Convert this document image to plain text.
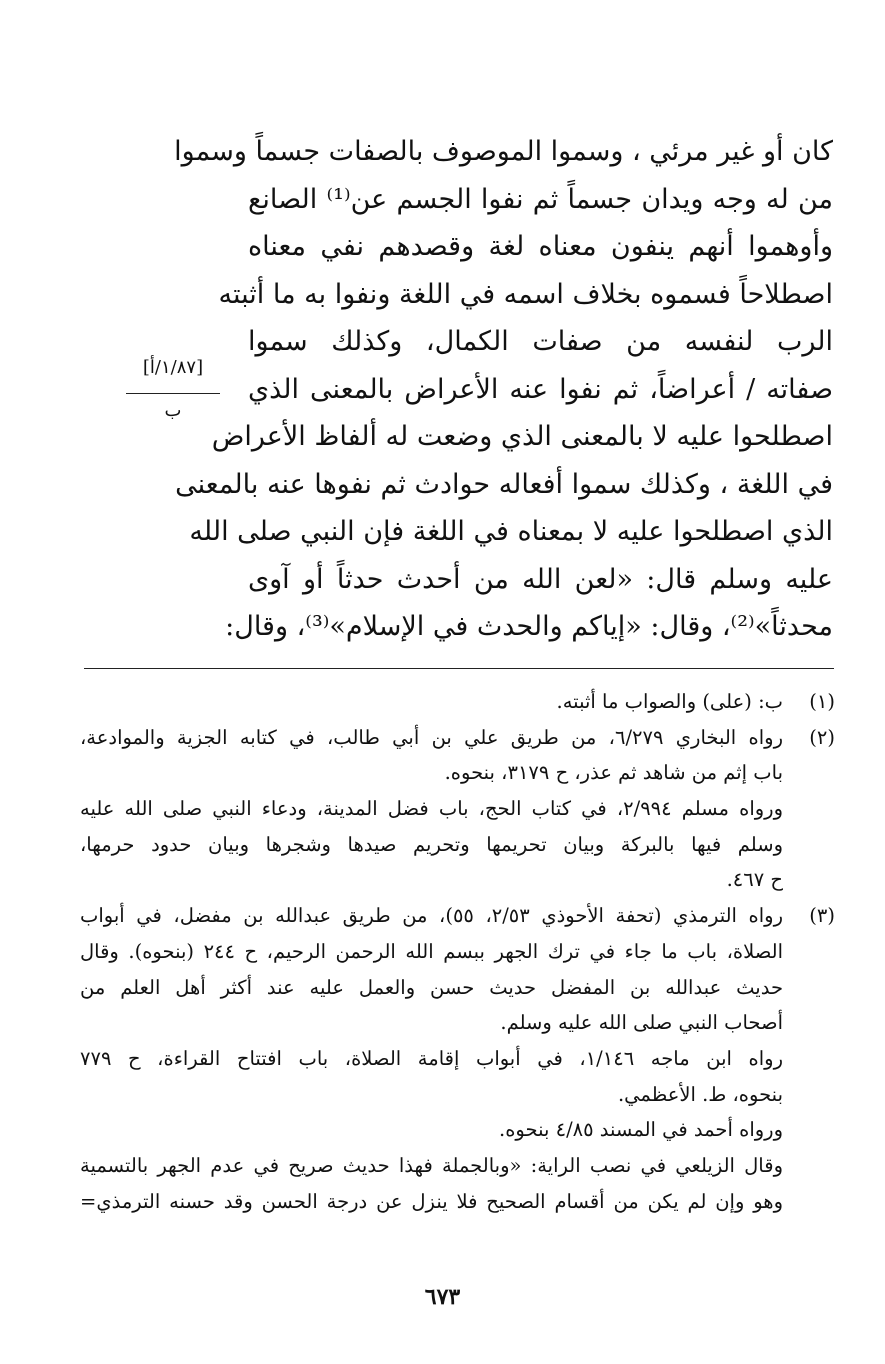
كان أو غير مرئي ، وسموا الموصوف بالصفات جسماً وسموا
من له وجه ويدان جسماً ثم نفوا الجسم عن⁽¹⁾ الصانع
وأوهموا أنهم ينفون معناه لغة وقصدهم نفي معناه
اصطلاحاً فسموه بخلاف اسمه في اللغة ونفوا به ما أثبته
الرب لنفسه من صفات الكمال، وكذلك سموا
صفاته / أعراضاً، ثم نفوا عنه الأعراض بالمعنى الذي
اصطلحوا عليه لا بالمعنى الذي وضعت له ألفاظ الأعراض
في اللغة ، وكذلك سموا أفعاله حوادث ثم نفوها عنه بالمعنى
الذي اصطلحوا عليه لا بمعناه في اللغة فإن النبي صلى الله
عليه وسلم قال: «لعن الله من أحدث حدثاً أو آوى
محدثاً»⁽²⁾، وقال: «إياكم والحدث في الإسلام»⁽³⁾، وقال:
[١/٨٧/أ]
ب
(١)
ب: (على) والصواب ما أثبته.
(٢)
رواه البخاري ٦/٢٧٩، من طريق علي بن أبي طالب، في كتابه الجزية والموادعة،
باب إثم من شاهد ثم عذر، ح ٣١٧٩، بنحوه.
ورواه مسلم ٢/٩٩٤، في كتاب الحج، باب فضل المدينة، ودعاء النبي صلى الله عليه
وسلم فيها بالبركة وبيان تحريمها وتحريم صيدها وشجرها وبيان حدود حرمها،
ح ٤٦٧.
(٣)
رواه الترمذي (تحفة الأحوذي ٢/٥٣، ٥٥)، من طريق عبدالله بن مفضل، في أبواب
الصلاة، باب ما جاء في ترك الجهر ببسم الله الرحمن الرحيم، ح ٢٤٤ (بنحوه). وقال
حديث عبدالله بن المفضل حديث حسن والعمل عليه عند أكثر أهل العلم من
أصحاب النبي صلى الله عليه وسلم.
رواه ابن ماجه ١/١٤٦، في أبواب إقامة الصلاة، باب افتتاح القراءة، ح ٧٧٩
بنحوه، ط. الأعظمي.
ورواه أحمد في المسند ٤/٨٥ بنحوه.
وقال الزيلعي في نصب الراية: «وبالجملة فهذا حديث صريح في عدم الجهر بالتسمية
وهو وإن لم يكن من أقسام الصحيح فلا ينزل عن درجة الحسن وقد حسنه الترمذي=
٦٧٣
